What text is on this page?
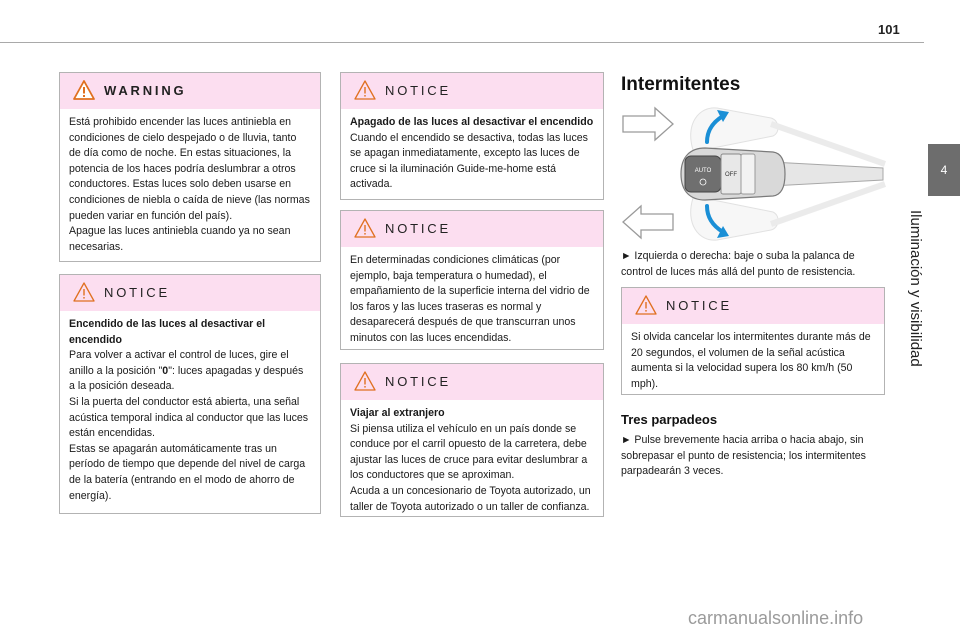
101
4
Iluminación y visibilidad
WARNING

Está prohibido encender las luces antiniebla en condiciones de cielo despejado o de lluvia, tanto de día como de noche. En estas situaciones, la potencia de los haces podría deslumbrar a otros conductores. Estas luces solo deben usarse en condiciones de niebla o caída de nieve (las normas pueden variar en función del país).

Apague las luces antiniebla cuando ya no sean necesarias.

NOTICE

Encendido de las luces al desactivar el encendido

Para volver a activar el control de luces, gire el anillo a la posición "0": luces apagadas y después a la posición deseada.

Si la puerta del conductor está abierta, una señal acústica temporal indica al conductor que las luces están encendidas.

Estas se apagarán automáticamente tras un período de tiempo que depende del nivel de carga de la batería (entrando en el modo de ahorro de energía).

NOTICE

Apagado de las luces al desactivar el encendido

Cuando el encendido se desactiva, todas las luces se apagan inmediatamente, excepto las luces de cruce si la iluminación Guide-me-home está activada.

NOTICE

En determinadas condiciones climáticas (por ejemplo, baja temperatura o humedad), el empañamiento de la superficie interna del vidrio de los faros y las luces traseras es normal y desaparecerá después de que transcurran unos minutos con las luces encendidas.

NOTICE

Viajar al extranjero

Si piensa utiliza el vehículo en un país donde se conduce por el carril opuesto de la carretera, debe ajustar las luces de cruce para evitar deslumbrar a los conductores que se aproximan.

Acuda a un concesionario de Toyota autorizado, un taller de Toyota autorizado o un taller de confianza.

Intermitentes
AUTO
OFF

► Izquierda o derecha: baje o suba la palanca de control de luces más allá del punto de resistencia.

NOTICE

Si olvida cancelar los intermitentes durante más de 20 segundos, el volumen de la señal acústica aumenta si la velocidad supera los 80 km/h (50 mph).

Tres parpadeos

► Pulse brevemente hacia arriba o hacia abajo, sin sobrepasar el punto de resistencia; los intermitentes parpadearán 3 veces.

carmanualsonline.info
